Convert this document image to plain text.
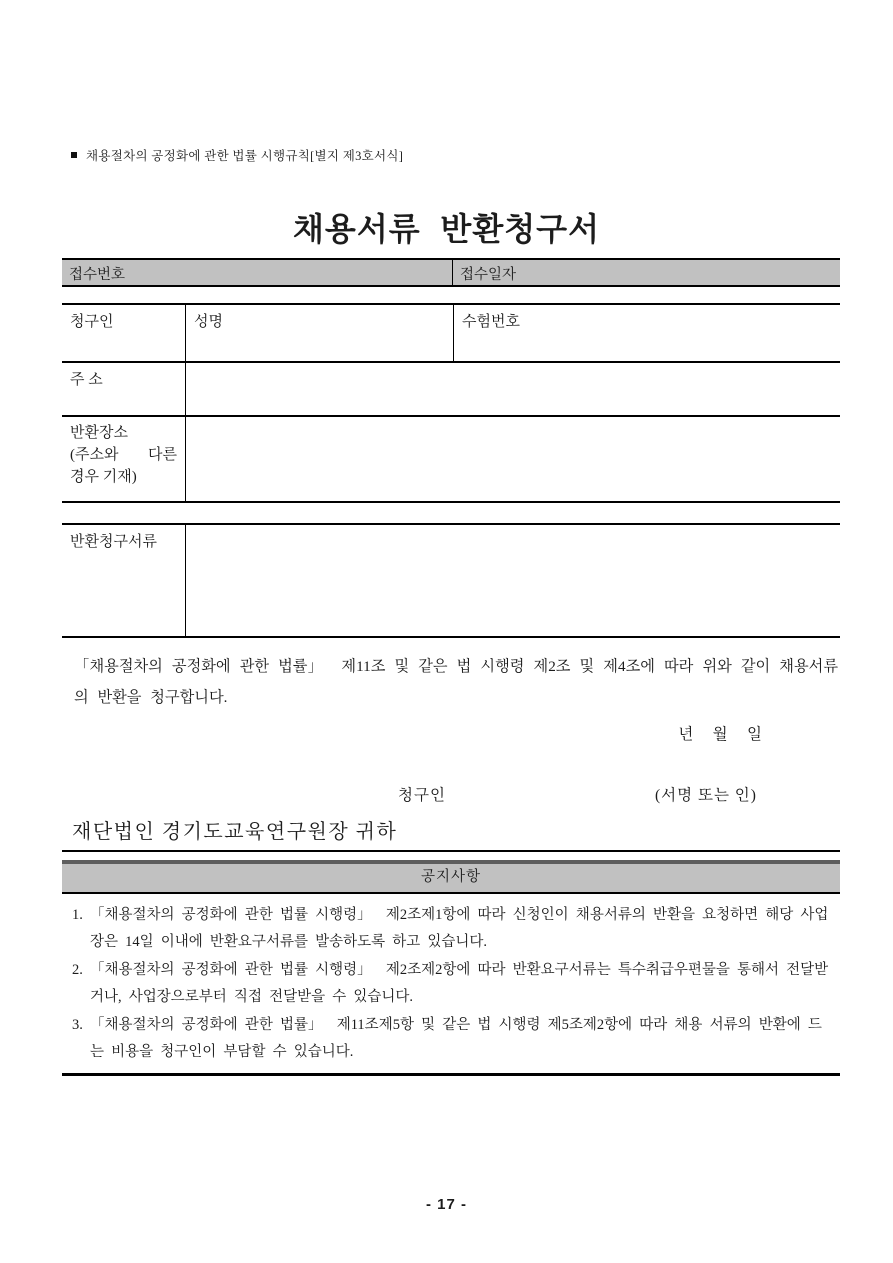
채용절차의 공정화에 관한 법률 시행규칙[별지 제3호서식]
채용서류  반환청구서
접수번호	접수일자
청구인	성명	수험번호
주 소
반환장소
(주소와 다른
경우 기재)
반환청구서류
「채용절차의 공정화에 관한 법률」  제11조 및 같은 법 시행령 제2조 및 제4조에 따라 위와 같이 채용서류의 반환을 청구합니다.
년     월     일
청구인	(서명 또는 인)
재단법인 경기도교육연구원장 귀하
공지사항
1. 「채용절차의 공정화에 관한 법률 시행령」  제2조제1항에 따라 신청인이 채용서류의 반환을 요청하면 해당 사업장은 14일 이내에 반환요구서류를 발송하도록 하고 있습니다.
2. 「채용절차의 공정화에 관한 법률 시행령」  제2조제2항에 따라 반환요구서류는 특수취급우편물을 통해서 전달받거나, 사업장으로부터 직접 전달받을 수 있습니다.
3. 「채용절차의 공정화에 관한 법률」  제11조제5항 및 같은 법 시행령 제5조제2항에 따라 채용 서류의 반환에 드는 비용을 청구인이 부담할 수 있습니다.
- 17 -
